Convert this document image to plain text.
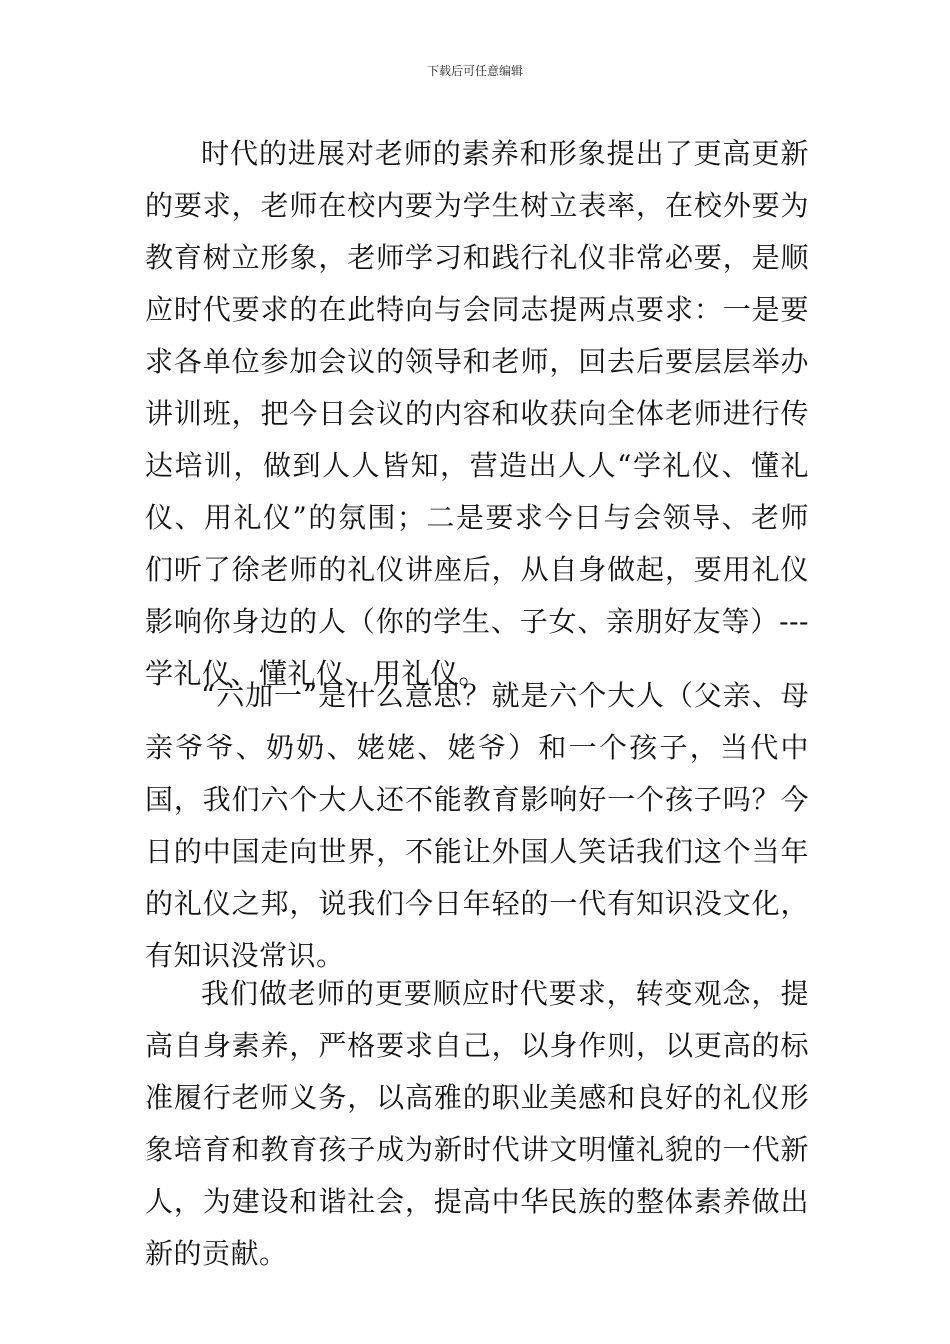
下载后可任意编辑

时代的进展对老师的素养和形象提出了更高更新的要求，老师在校内要为学生树立表率，在校外要为教育树立形象，老师学习和践行礼仪非常必要，是顺应时代要求的在此特向与会同志提两点要求：一是要求各单位参加会议的领导和老师，回去后要层层举办讲训班，把今日会议的内容和收获向全体老师进行传达培训，做到人人皆知，营造出人人“学礼仪、懂礼仪、用礼仪”的氛围；二是要求今日与会领导、老师们听了徐老师的礼仪讲座后，从自身做起，要用礼仪影响你身边的人（你的学生、子女、亲朋好友等）---学礼仪、懂礼仪、用礼仪。

“六加一”是什么意思？就是六个大人（父亲、母亲爷爷、奶奶、姥姥、姥爷）和一个孩子，当代中国，我们六个大人还不能教育影响好一个孩子吗？今日的中国走向世界，不能让外国人笑话我们这个当年的礼仪之邦，说我们今日年轻的一代有知识没文化，有知识没常识。

我们做老师的更要顺应时代要求，转变观念，提高自身素养，严格要求自己，以身作则，以更高的标准履行老师义务，以高雅的职业美感和良好的礼仪形象培育和教育孩子成为新时代讲文明懂礼貌的一代新人，为建设和谐社会，提高中华民族的整体素养做出新的贡献。
